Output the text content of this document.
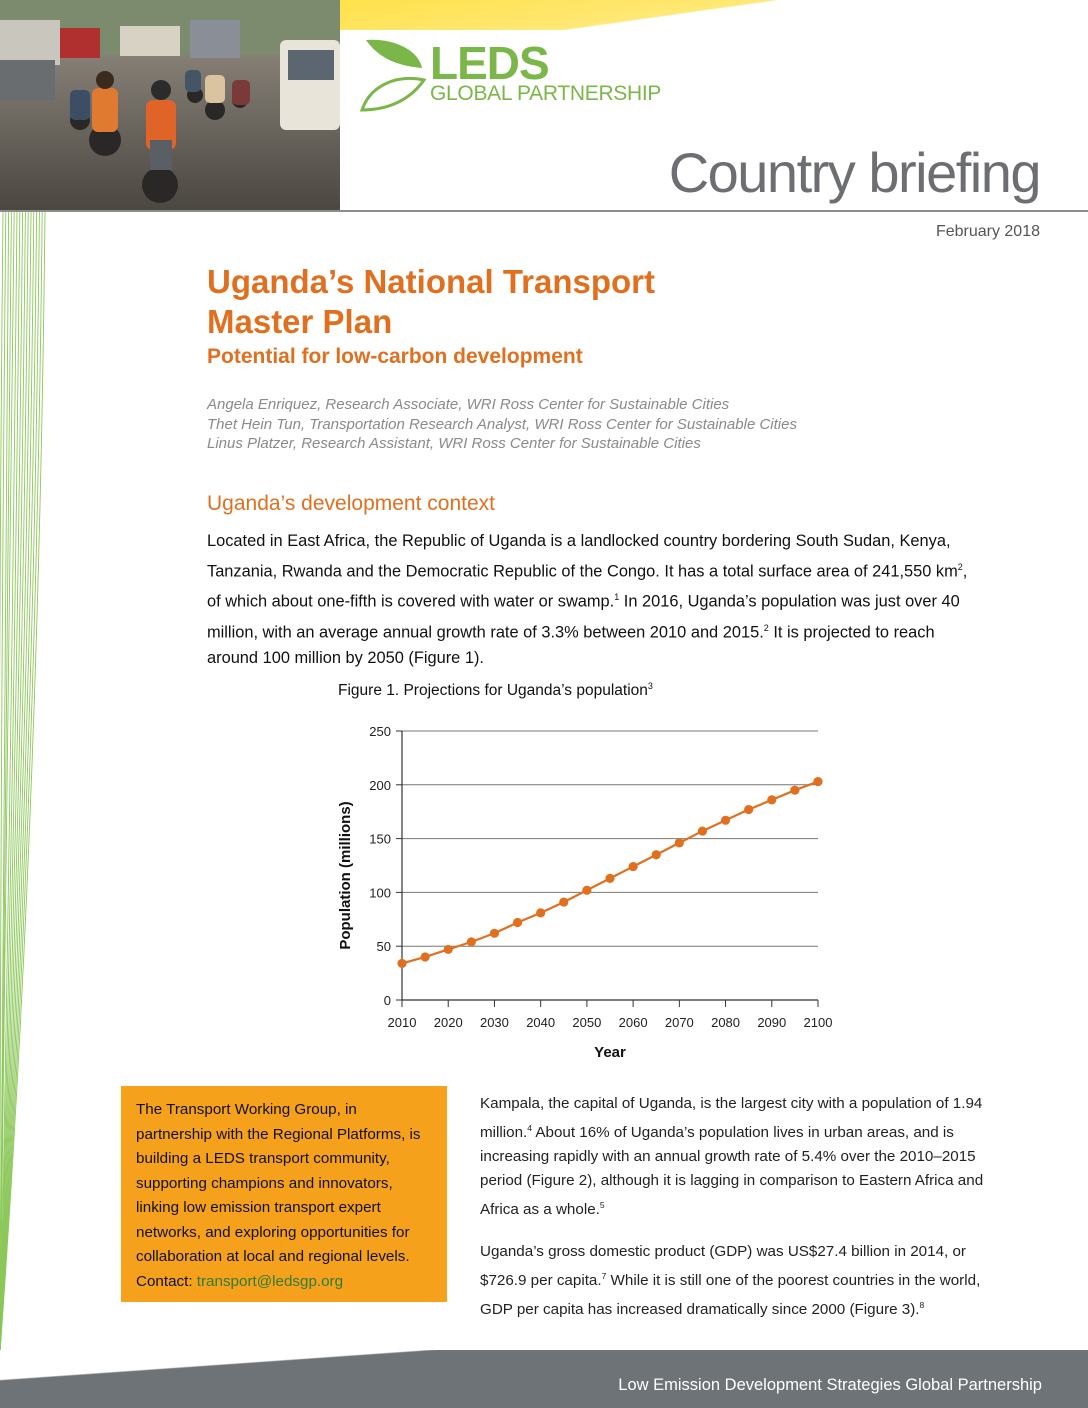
LEDS
GLOBAL PARTNERSHIP
Country briefing
February 2018
Uganda’s National Transport
Master Plan
Potential for low-carbon development
Angela Enriquez, Research Associate, WRI Ross Center for Sustainable Cities
Thet Hein Tun, Transportation Research Analyst, WRI Ross Center for Sustainable Cities
Linus Platzer, Research Assistant, WRI Ross Center for Sustainable Cities
Uganda’s development context

Located in East Africa, the Republic of Uganda is a landlocked country bordering South Sudan, Kenya, Tanzania, Rwanda and the Democratic Republic of the Congo. It has a total surface area of 241,550 $km^2$, of which about one-fifth is covered with water or swamp.$^1$ In 2016, Uganda’s population was just over 40 million, with an average annual growth rate of 3.3% between 2010 and 2015.$^2$ It is projected to reach around 100 million by 2050 (Figure 1).

Figure 1. Projections for Uganda’s population$^3$
0
50
100
150
200
250
2010 2020 2030 2040 2050 2060 2070 2080 2090 2100
Year
Population (millions)
The Transport Working Group, in partnership with the Regional Platforms, is building a LEDS transport community, supporting champions and innovators, linking low emission transport expert networks, and exploring opportunities for collaboration at local and regional levels. Contact: transport@ledsgp.org

Kampala, the capital of Uganda, is the largest city with a population of 1.94 million.$^4$ About 16% of Uganda’s population lives in urban areas, and is increasing rapidly with an annual growth rate of 5.4% over the 2010–2015 period (Figure 2), although it is lagging in comparison to Eastern Africa and Africa as a whole.$^5$

Uganda’s gross domestic product (GDP) was US$27.4 billion in 2014, or $726.9 per capita.$^7$ While it is still one of the poorest countries in the world, GDP per capita has increased dramatically since 2000 (Figure 3).$^8$

Low Emission Development Strategies Global Partnership
